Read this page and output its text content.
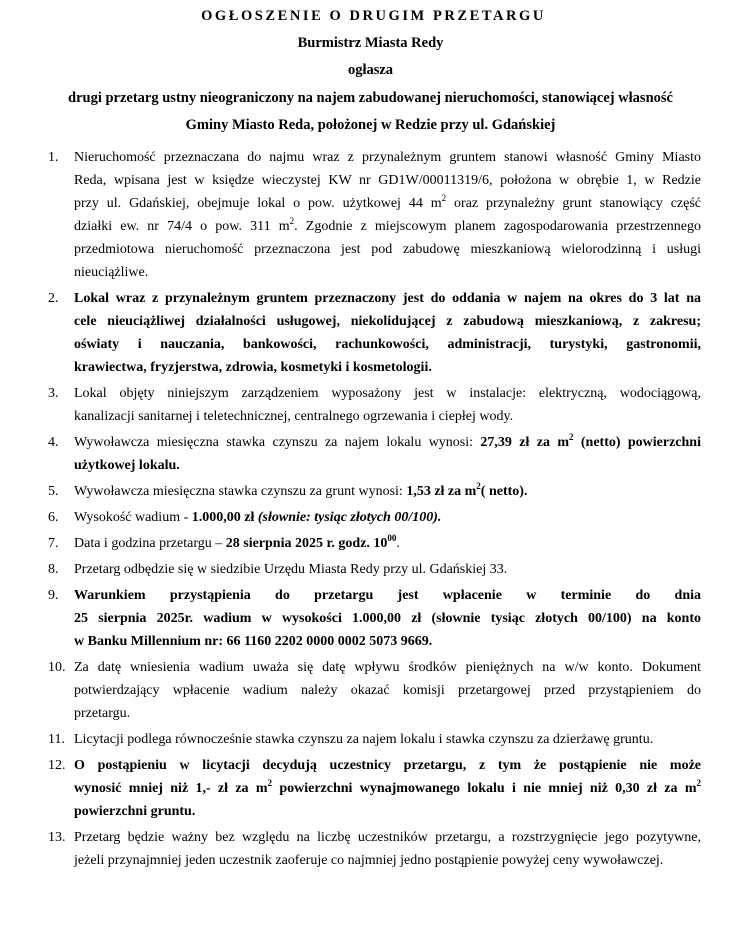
OGŁOSZENIE O DRUGIM PRZETARGU
Burmistrz Miasta Redy
ogłasza
drugi przetarg ustny nieograniczony na najem zabudowanej nieruchomości, stanowiącej własność
Gminy Miasto Reda, położonej w Redzie przy ul. Gdańskiej
1. Nieruchomość przeznaczana do najmu wraz z przynależnym gruntem stanowi własność Gminy Miasto
Reda, wpisana jest w księdze wieczystej KW nr GD1W/00011319/6, położona w obrębie 1, w Redzie
przy ul. Gdańskiej, obejmuje lokal o pow. użytkowej 44 $m^2$ oraz przynależny grunt stanowiący część
działki ew. nr 74/4 o pow. 311 $m^2$. Zgodnie z miejscowym planem zagospodarowania przestrzennego
przedmiotowa nieruchomość przeznaczona jest pod zabudowę mieszkaniową wielorodzinną i usługi
nieuciążliwe.
2. Lokal wraz z przynależnym gruntem przeznaczony jest do oddania w najem na okres do 3 lat na
cele nieuciążliwej działalności usługowej, niekolidującej z zabudową mieszkaniową, z zakresu;
oświaty i nauczania, bankowości, rachunkowości, administracji, turystyki, gastronomii,
krawiectwa, fryzjerstwa, zdrowia, kosmetyki i kosmetologii.
3. Lokal objęty niniejszym zarządzeniem wyposażony jest w instalacje: elektryczną, wodociągową,
kanalizacji sanitarnej i teletechnicznej, centralnego ogrzewania i ciepłej wody.
4. Wywoławcza miesięczna stawka czynszu za najem lokalu wynosi: 27,39 zł za $m^2$ (netto) powierzchni
użytkowej lokalu.
5. Wywoławcza miesięczna stawka czynszu za grunt wynosi: 1,53 zł za $m^2$( netto).
6. Wysokość wadium - 1.000,00 zł (słownie: tysiąc złotych 00/100).
7. Data i godzina przetargu – 28 sierpnia 2025 r. godz. $10^{00}$.
8. Przetarg odbędzie się w siedzibie Urzędu Miasta Redy przy ul. Gdańskiej 33.
9. Warunkiem przystąpienia do przetargu jest wpłacenie w terminie do dnia
25 sierpnia 2025r. wadium w wysokości 1.000,00 zł (słownie tysiąc złotych 00/100) na konto
w Banku Millennium nr: 66 1160 2202 0000 0002 5073 9669.
10. Za datę wniesienia wadium uważa się datę wpływu środków pieniężnych na w/w konto. Dokument
potwierdzający wpłacenie wadium należy okazać komisji przetargowej przed przystąpieniem do
przetargu.
11. Licytacji podlega równocześnie stawka czynszu za najem lokalu i stawka czynszu za dzierżawę gruntu.
12. O postąpieniu w licytacji decydują uczestnicy przetargu, z tym że postąpienie nie może
wynosić mniej niż 1,- zł za $m^2$ powierzchni wynajmowanego lokalu i nie mniej niż 0,30 zł za $m^2$
powierzchni gruntu.
13. Przetarg będzie ważny bez względu na liczbę uczestników przetargu, a rozstrzygnięcie jego pozytywne,
jeżeli przynajmniej jeden uczestnik zaoferuje co najmniej jedno postąpienie powyżej ceny wywoławczej.
